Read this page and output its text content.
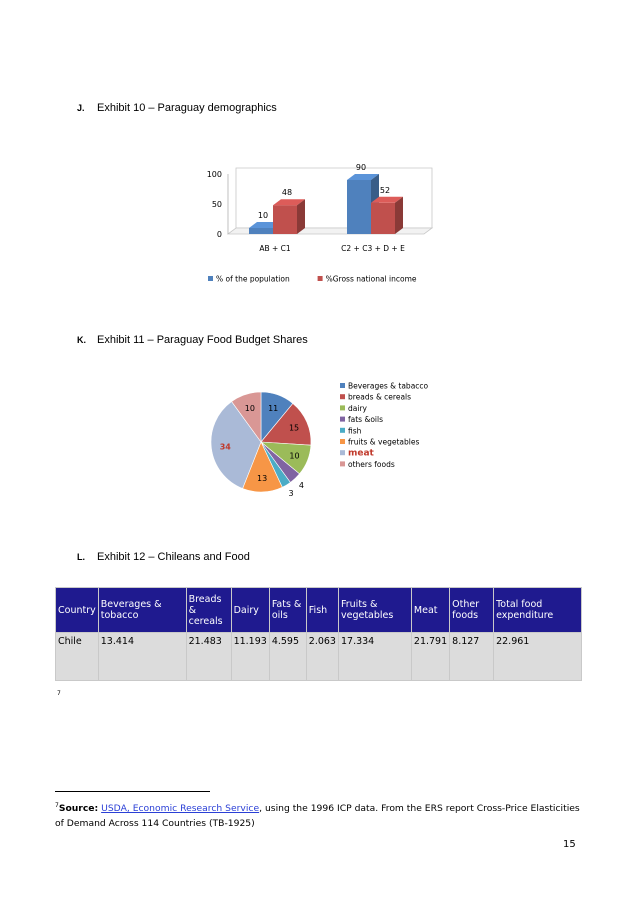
J. Exhibit 10 – Paraguay demographics
0
50
100
AB + C1	C2 + C3 + D + E
10
48
90
52
% of the population	%Gross national income
K. Exhibit 11 – Paraguay Food Budget Shares
11
15
10
4
3
13
34
10
Beverages & tabacco
breads & cereals
dairy
fats &oils
fish
fruits & vegetables
meat
others foods
L. Exhibit 12 – Chileans and Food
Country	Beverages & tobacco	Breads & cereals	Dairy	Fats & oils	Fish	Fruits & vegetables	Meat	Other foods	Total food expenditure
Chile	13.414	21.483	11.193	4.595	2.063	17.334	21.791	8.127	22.961
7
$^7$Source: USDA, Economic Research Service, using the 1996 ICP data. From the ERS report Cross-Price Elasticities of Demand Across 114 Countries (TB-1925)
15
